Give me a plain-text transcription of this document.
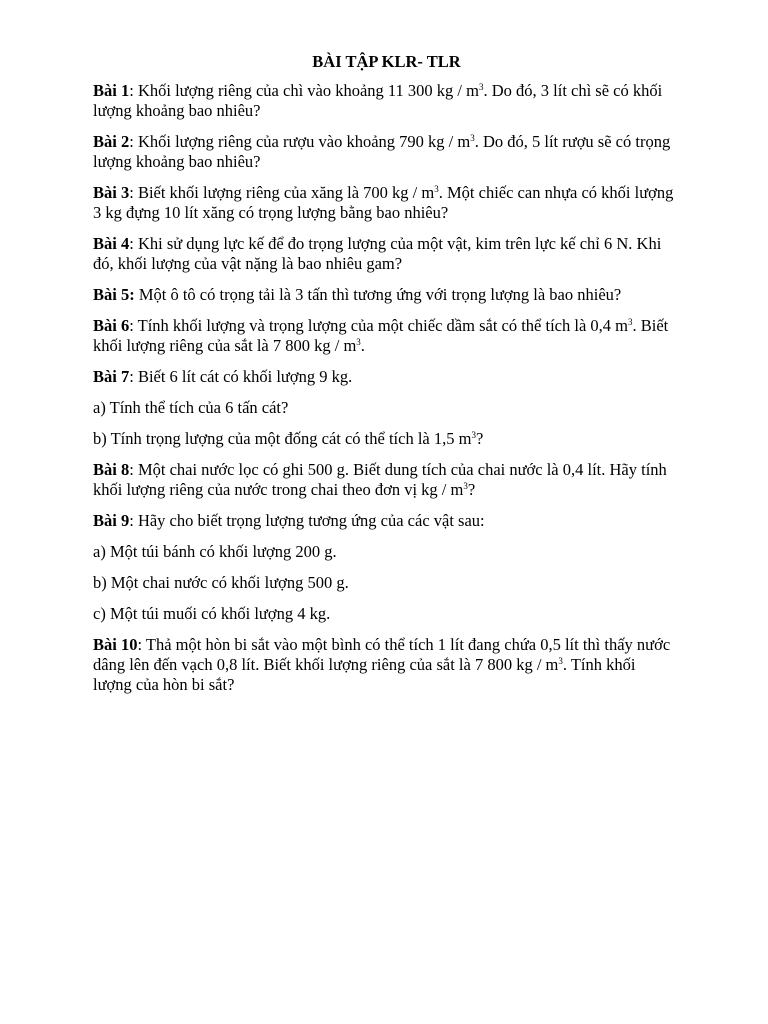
BÀI TẬP KLR- TLR

Bài 1: Khối lượng riêng của chì vào khoảng 11 300 kg / $m^3$. Do đó, 3 lít chì sẽ có khối lượng khoảng bao nhiêu?

Bài 2: Khối lượng riêng của rượu vào khoảng 790 kg / $m^3$. Do đó, 5 lít rượu sẽ có trọng lượng khoảng bao nhiêu?

Bài 3: Biết khối lượng riêng của xăng là 700 kg / $m^3$. Một chiếc can nhựa có khối lượng 3 kg đựng 10 lít xăng có trọng lượng bằng bao nhiêu?

Bài 4: Khi sử dụng lực kế để đo trọng lượng của một vật, kim trên lực kế chỉ 6 N. Khi đó, khối lượng của vật nặng là bao nhiêu gam?

Bài 5: Một ô tô có trọng tải là 3 tấn thì tương ứng với trọng lượng là bao nhiêu?

Bài 6: Tính khối lượng và trọng lượng của một chiếc dầm sắt có thể tích là 0,4 $m^3$. Biết khối lượng riêng của sắt là 7 800 kg / $m^3$.

Bài 7: Biết 6 lít cát có khối lượng 9 kg.

a) Tính thể tích của 6 tấn cát?

b) Tính trọng lượng của một đống cát có thể tích là 1,5 $m^3$?

Bài 8: Một chai nước lọc có ghi 500 g. Biết dung tích của chai nước là 0,4 lít. Hãy tính khối lượng riêng của nước trong chai theo đơn vị kg / $m^3$?

Bài 9: Hãy cho biết trọng lượng tương ứng của các vật sau:

a) Một túi bánh có khối lượng 200 g.

b) Một chai nước có khối lượng 500 g.

c) Một túi muối có khối lượng 4 kg.

Bài 10: Thả một hòn bi sắt vào một bình có thể tích 1 lít đang chứa 0,5 lít thì thấy nước dâng lên đến vạch 0,8 lít. Biết khối lượng riêng của sắt là 7 800 kg / $m^3$. Tính khối lượng của hòn bi sắt?
